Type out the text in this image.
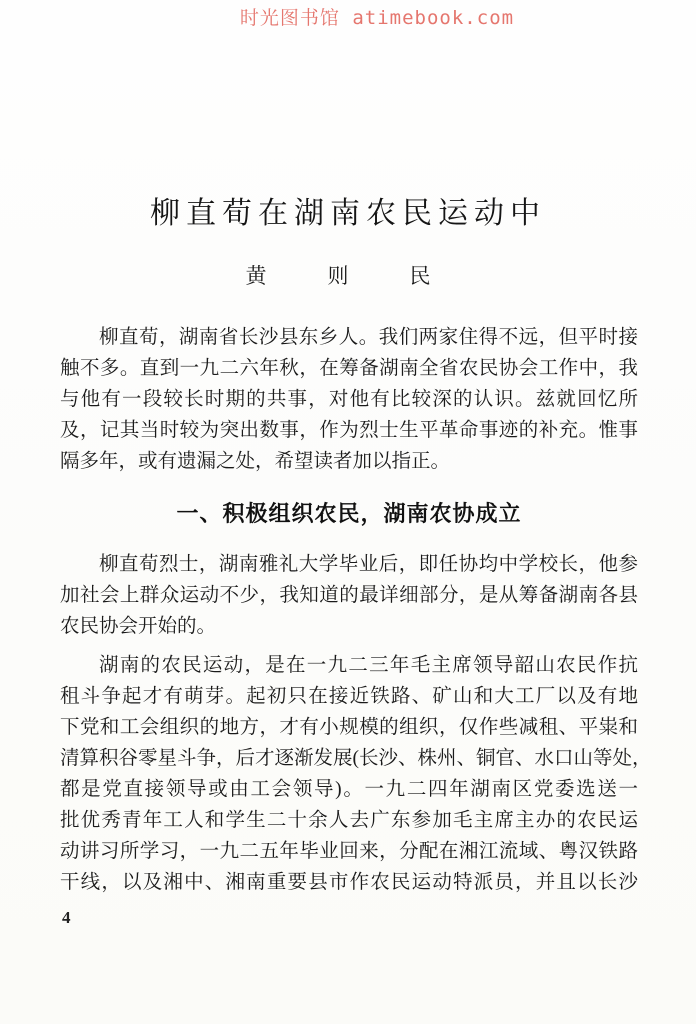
时光图书馆 atimebook.com
柳直荀在湖南农民运动中
黄　则　民
柳直荀，湖南省长沙县东乡人。我们两家住得不远，但平时接
触不多。直到一九二六年秋，在筹备湖南全省农民协会工作中，我
与他有一段较长时期的共事，对他有比较深的认识。兹就回忆所
及，记其当时较为突出数事，作为烈士生平革命事迹的补充。惟事
隔多年，或有遗漏之处，希望读者加以指正。
一、积极组织农民，湖南农协成立
柳直荀烈士，湖南雅礼大学毕业后，即任协均中学校长，他参
加社会上群众运动不少，我知道的最详细部分，是从筹备湖南各县
农民协会开始的。
湖南的农民运动，是在一九二三年毛主席领导韶山农民作抗
租斗争起才有萌芽。起初只在接近铁路、矿山和大工厂以及有地
下党和工会组织的地方，才有小规模的组织，仅作些减租、平粜和
清算积谷零星斗争，后才逐渐发展(长沙、株州、铜官、水口山等处，
都是党直接领导或由工会领导)。一九二四年湖南区党委选送一
批优秀青年工人和学生二十余人去广东参加毛主席主办的农民运
动讲习所学习，一九二五年毕业回来，分配在湘江流域、粤汉铁路
干线，以及湘中、湘南重要县市作农民运动特派员，并且以长沙
4
